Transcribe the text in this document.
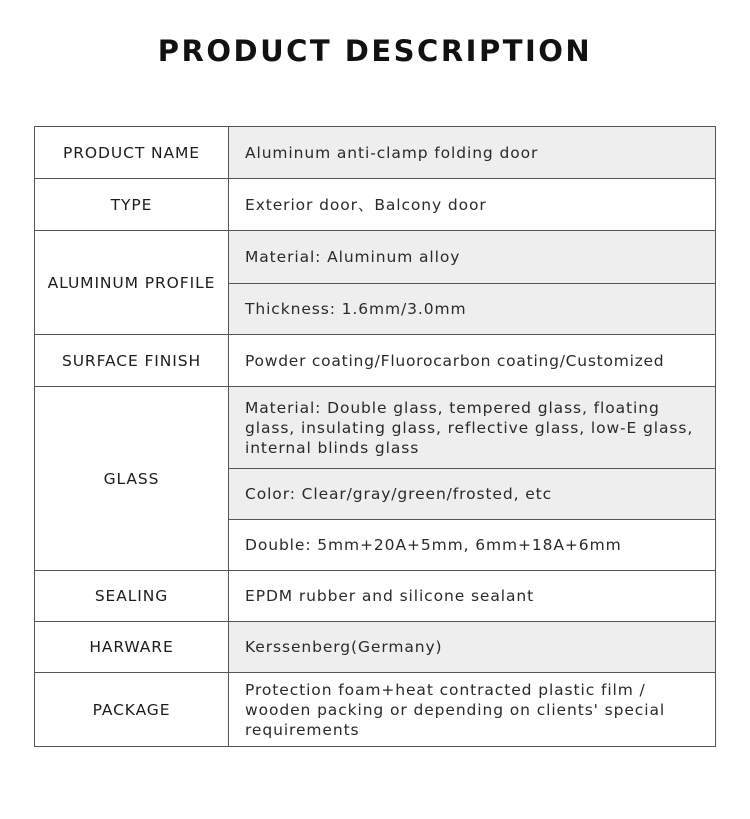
PRODUCT DESCRIPTION
PRODUCT NAME	Aluminum anti-clamp folding door
TYPE	Exterior door、Balcony door
ALUMINUM PROFILE	Material: Aluminum alloy
	Thickness: 1.6mm/3.0mm
SURFACE FINISH	Powder coating/Fluorocarbon coating/Customized
GLASS	Material: Double glass, tempered glass, floating glass, insulating glass, reflective glass, low-E glass, internal blinds glass
	Color: Clear/gray/green/frosted, etc
	Double: 5mm+20A+5mm, 6mm+18A+6mm
SEALING	EPDM rubber and silicone sealant
HARWARE	Kerssenberg(Germany)
PACKAGE	Protection foam+heat contracted plastic film / wooden packing or depending on clients' special requirements
